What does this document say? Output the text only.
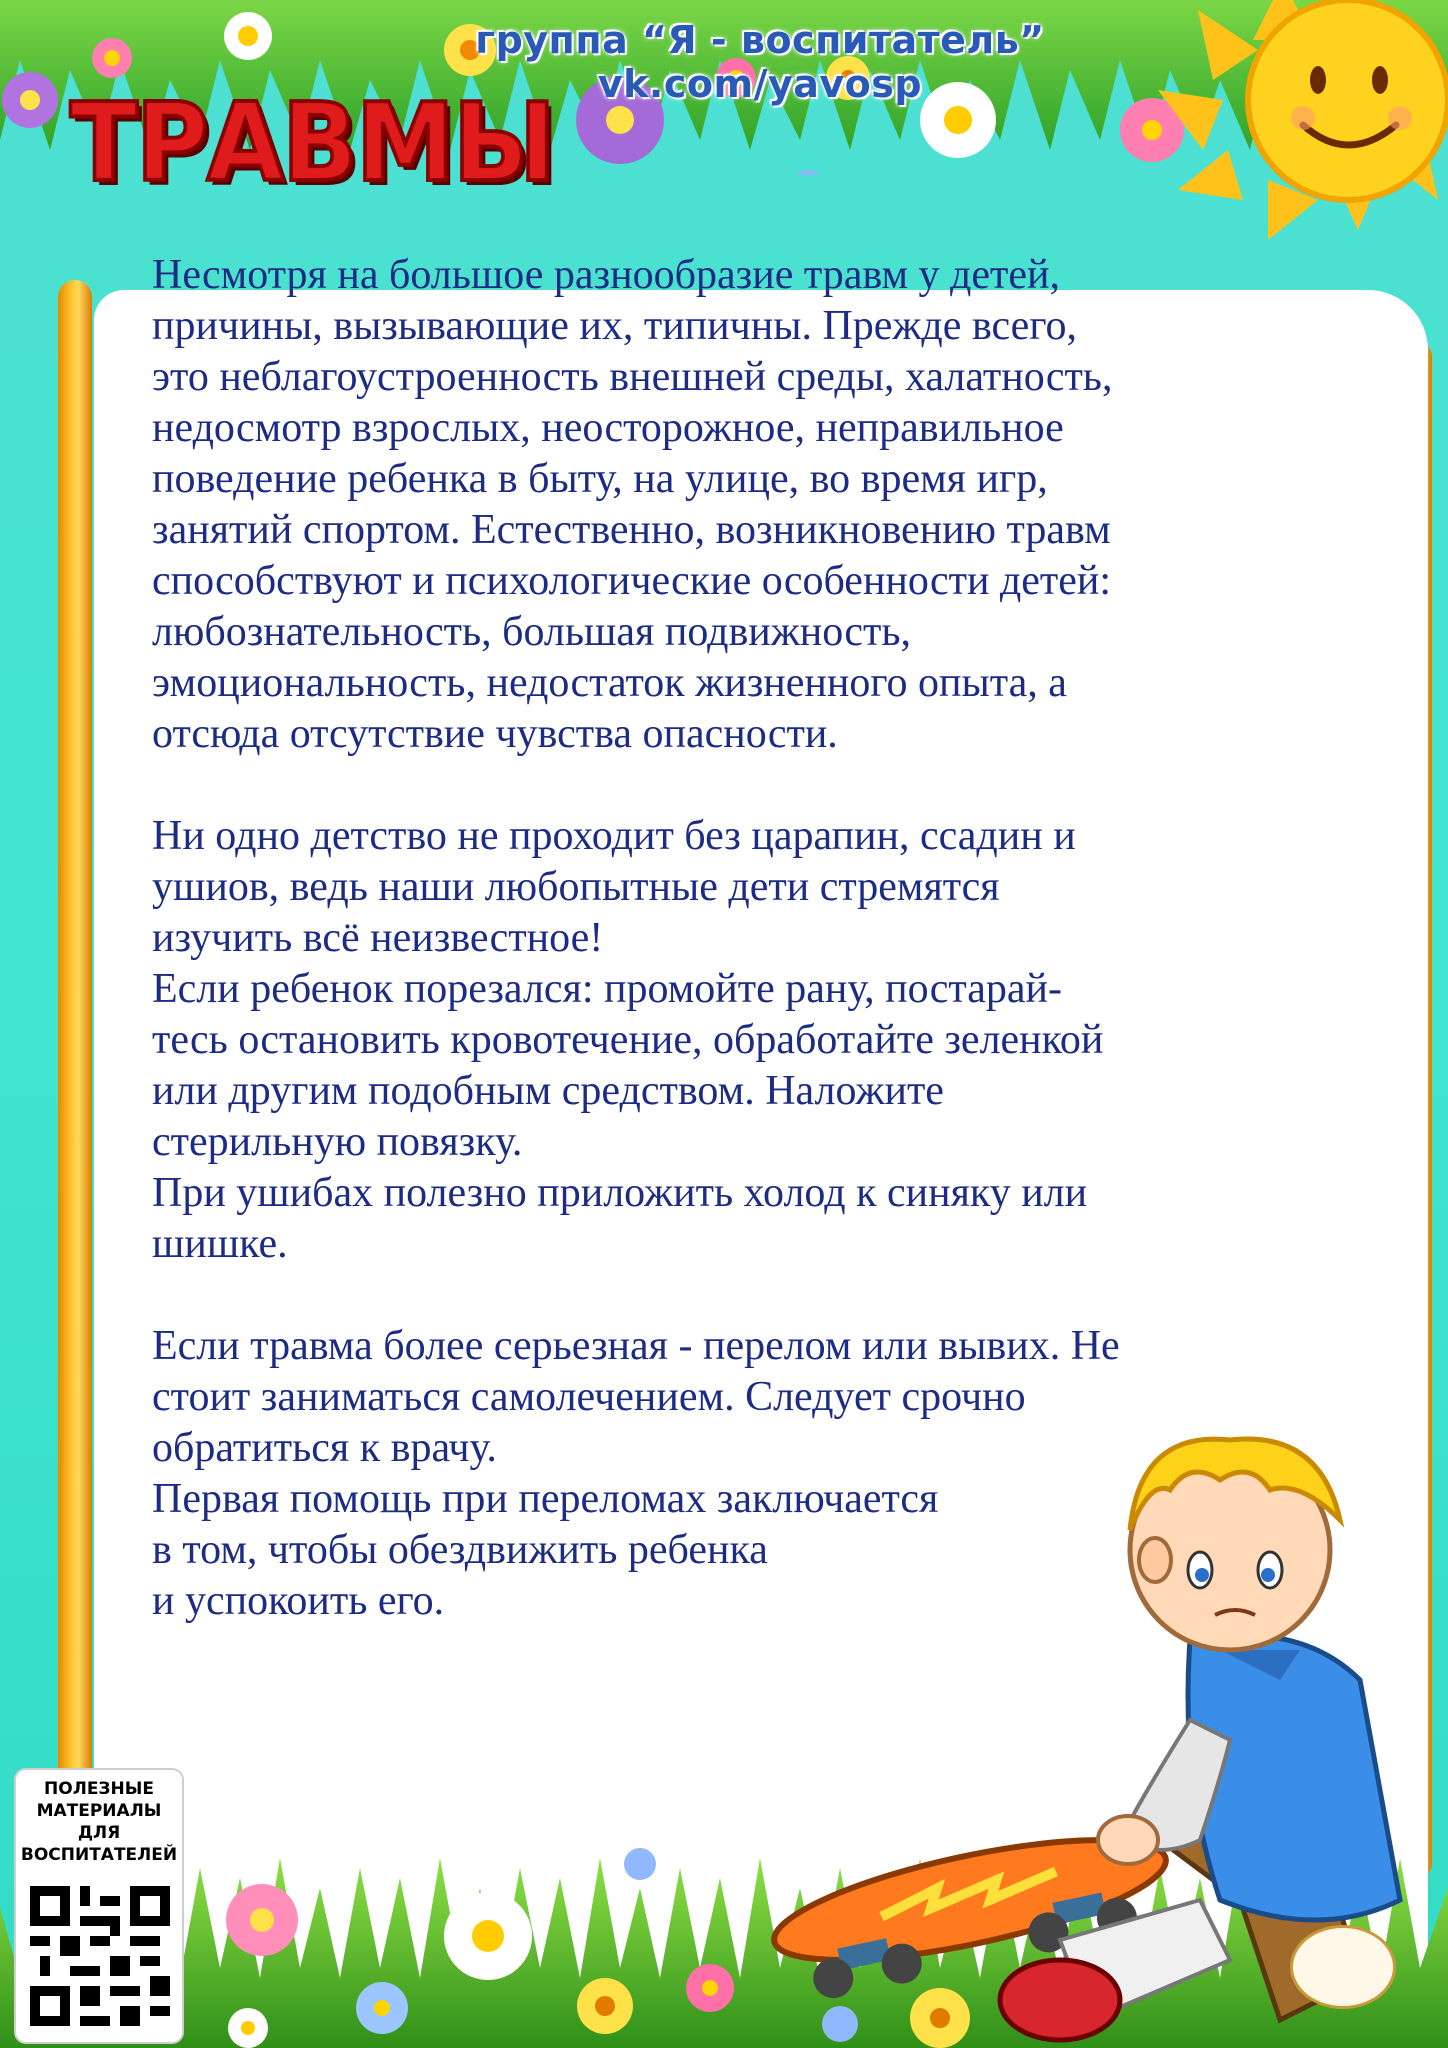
группа “Я - воспитатель” vk.com/yavosp
ТРАВМЫ

Несмотря на большое разнообразие травм у детей,
причины, вызывающие их, типичны. Прежде всего,
это неблагоустроенность внешней среды, халатность,
недосмотр взрослых, неосторожное, неправильное
поведение ребенка в быту, на улице, во время игр,
занятий спортом. Естественно, возникновению травм
способствуют и психологические особенности детей:
любознательность, большая подвижность,
эмоциональность, недостаток жизненного опыта, а
отсюда отсутствие чувства опасности.

Ни одно детство не проходит без царапин, ссадин и
ушиов, ведь наши любопытные дети стремятся
изучить всё неизвестное!

Если ребенок порезался: промойте рану, постарай-
тесь остановить кровотечение, обработайте зеленкой
или другим подобным средством. Наложите
стерильную повязку.

При ушибах полезно приложить холод к синяку или
шишке.

Если травма более серьезная - перелом или вывих. Не
стоит заниматься самолечением. Следует срочно
обратиться к врачу.

Первая помощь при переломах заключается
в том, чтобы обездвижить ребенка
и успокоить его.

ПОЛЕЗНЫЕ
МАТЕРИАЛЫ
ДЛЯ
ВОСПИТАТЕЛЕЙ
